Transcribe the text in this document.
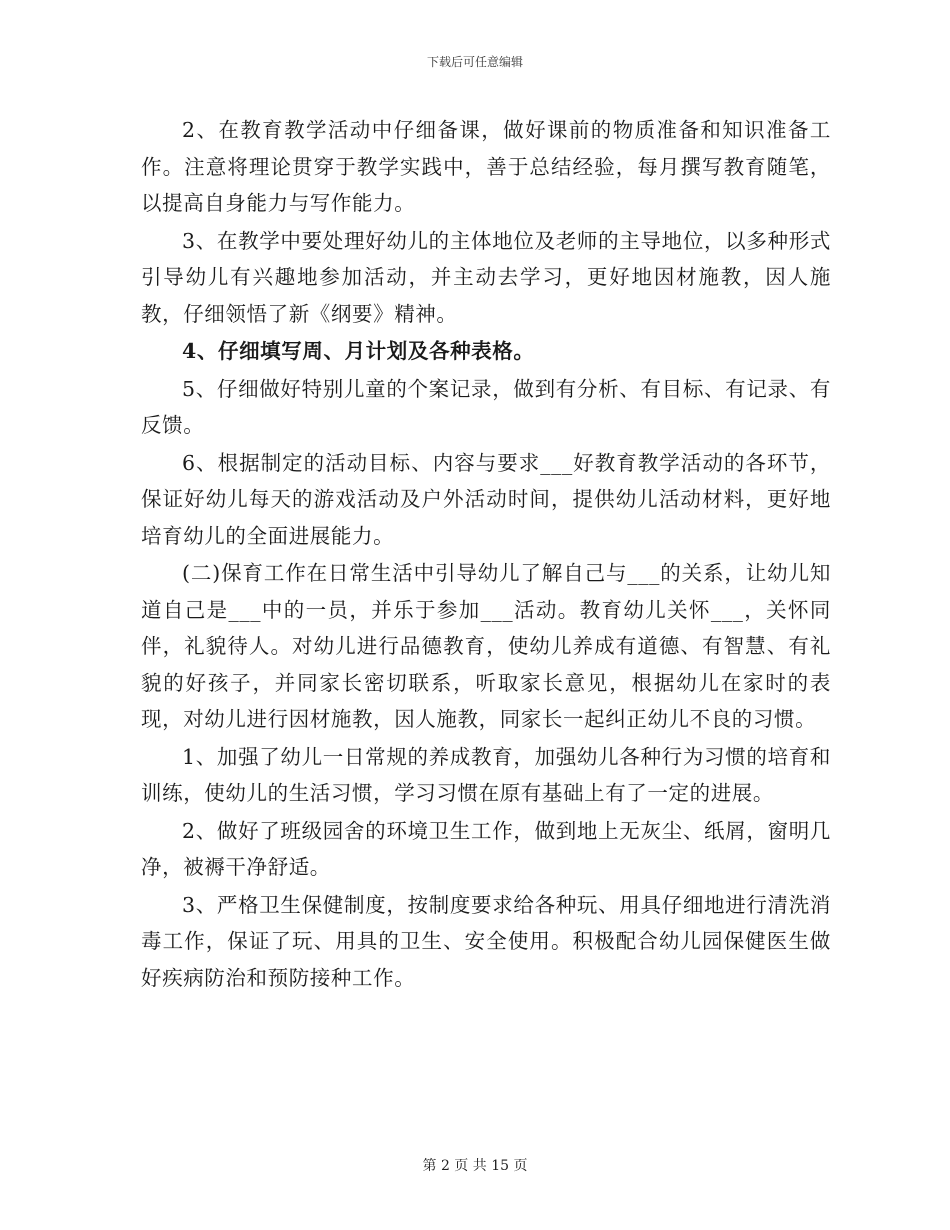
下载后可任意编辑

2、在教育教学活动中仔细备课，做好课前的物质准备和知识准备工作。注意将理论贯穿于教学实践中，善于总结经验，每月撰写教育随笔，以提高自身能力与写作能力。

3、在教学中要处理好幼儿的主体地位及老师的主导地位，以多种形式引导幼儿有兴趣地参加活动，并主动去学习，更好地因材施教，因人施教，仔细领悟了新《纲要》精神。

4、仔细填写周、月计划及各种表格。

5、仔细做好特别儿童的个案记录，做到有分析、有目标、有记录、有反馈。

6、根据制定的活动目标、内容与要求___好教育教学活动的各环节，保证好幼儿每天的游戏活动及户外活动时间，提供幼儿活动材料，更好地培育幼儿的全面进展能力。

(二)保育工作在日常生活中引导幼儿了解自己与___的关系，让幼儿知道自己是___中的一员，并乐于参加___活动。教育幼儿关怀___，关怀同伴，礼貌待人。对幼儿进行品德教育，使幼儿养成有道德、有智慧、有礼貌的好孩子，并同家长密切联系，听取家长意见，根据幼儿在家时的表现，对幼儿进行因材施教，因人施教，同家长一起纠正幼儿不良的习惯。

1、加强了幼儿一日常规的养成教育，加强幼儿各种行为习惯的培育和训练，使幼儿的生活习惯，学习习惯在原有基础上有了一定的进展。

2、做好了班级园舍的环境卫生工作，做到地上无灰尘、纸屑，窗明几净，被褥干净舒适。

3、严格卫生保健制度，按制度要求给各种玩、用具仔细地进行清洗消毒工作，保证了玩、用具的卫生、安全使用。积极配合幼儿园保健医生做好疾病防治和预防接种工作。

第 2 页 共 15 页
